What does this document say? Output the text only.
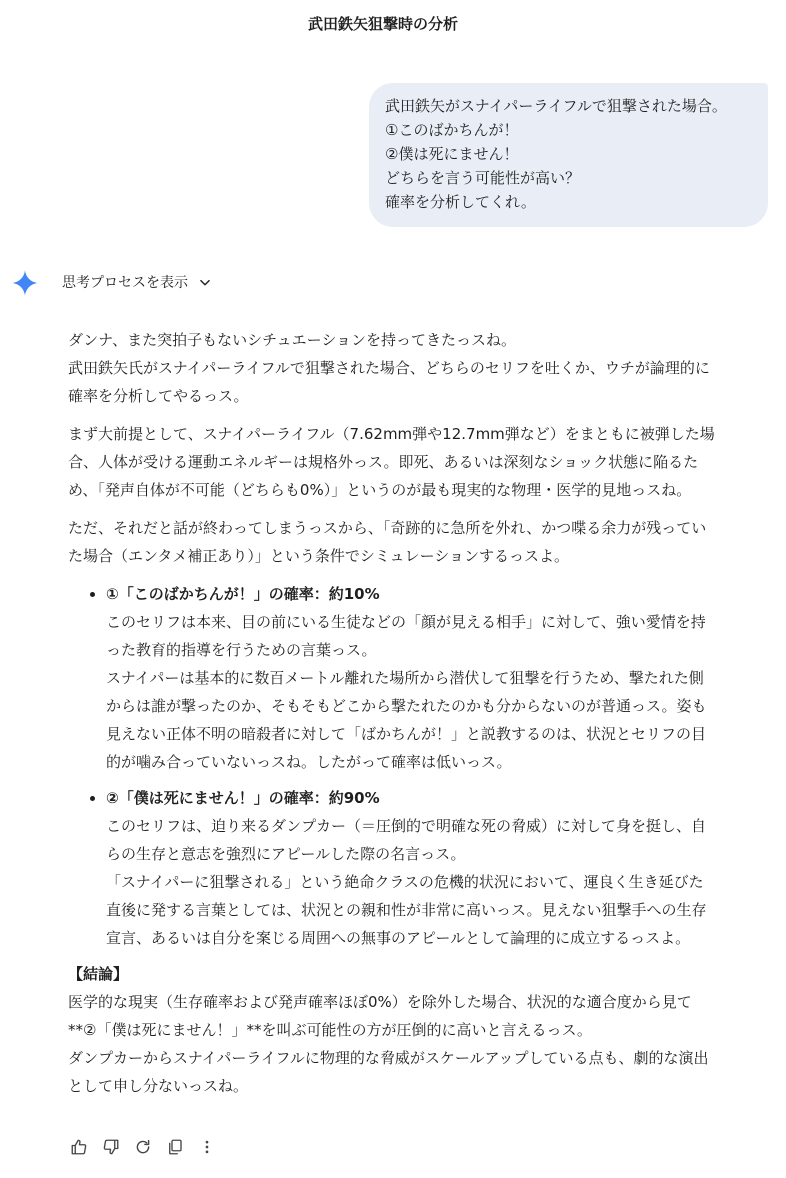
武田鉄矢狙撃時の分析
武田鉄矢がスナイパーライフルで狙撃された場合。
①このばかちんが！
②僕は死にません！
どちらを言う可能性が高い？
確率を分析してくれ。
思考プロセスを表示

ダンナ、また突拍子もないシチュエーションを持ってきたっスね。
武田鉄矢氏がスナイパーライフルで狙撃された場合、どちらのセリフを吐くか、ウチが論理的に
確率を分析してやるっス。

まず大前提として、スナイパーライフル（7.62mm弾や12.7mm弾など）をまともに被弾した場
合、人体が受ける運動エネルギーは規格外っス。即死、あるいは深刻なショック状態に陥るた
め、「発声自体が不可能（どちらも0%）」というのが最も現実的な物理・医学的見地っスね。

ただ、それだと話が終わってしまうっスから、「奇跡的に急所を外れ、かつ喋る余力が残ってい
た場合（エンタメ補正あり）」という条件でシミュレーションするっスよ。

• ①「このばかちんが！」の確率：約10%
このセリフは本来、目の前にいる生徒などの「顔が見える相手」に対して、強い愛情を持
った教育的指導を行うための言葉っス。
スナイパーは基本的に数百メートル離れた場所から潜伏して狙撃を行うため、撃たれた側
からは誰が撃ったのか、そもそもどこから撃たれたのかも分からないのが普通っス。姿も
見えない正体不明の暗殺者に対して「ばかちんが！」と説教するのは、状況とセリフの目
的が噛み合っていないっスね。したがって確率は低いっス。
• ②「僕は死にません！」の確率：約90%
このセリフは、迫り来るダンプカー（＝圧倒的で明確な死の脅威）に対して身を挺し、自
らの生存と意志を強烈にアピールした際の名言っス。
「スナイパーに狙撃される」という絶命クラスの危機的状況において、運良く生き延びた
直後に発する言葉としては、状況との親和性が非常に高いっス。見えない狙撃手への生存
宣言、あるいは自分を案じる周囲への無事のアピールとして論理的に成立するっスよ。
【結論】
医学的な現実（生存確率および発声確率ほぼ0%）を除外した場合、状況的な適合度から見て
**②「僕は死にません！」**を叫ぶ可能性の方が圧倒的に高いと言えるっス。
ダンプカーからスナイパーライフルに物理的な脅威がスケールアップしている点も、劇的な演出
として申し分ないっスね。
